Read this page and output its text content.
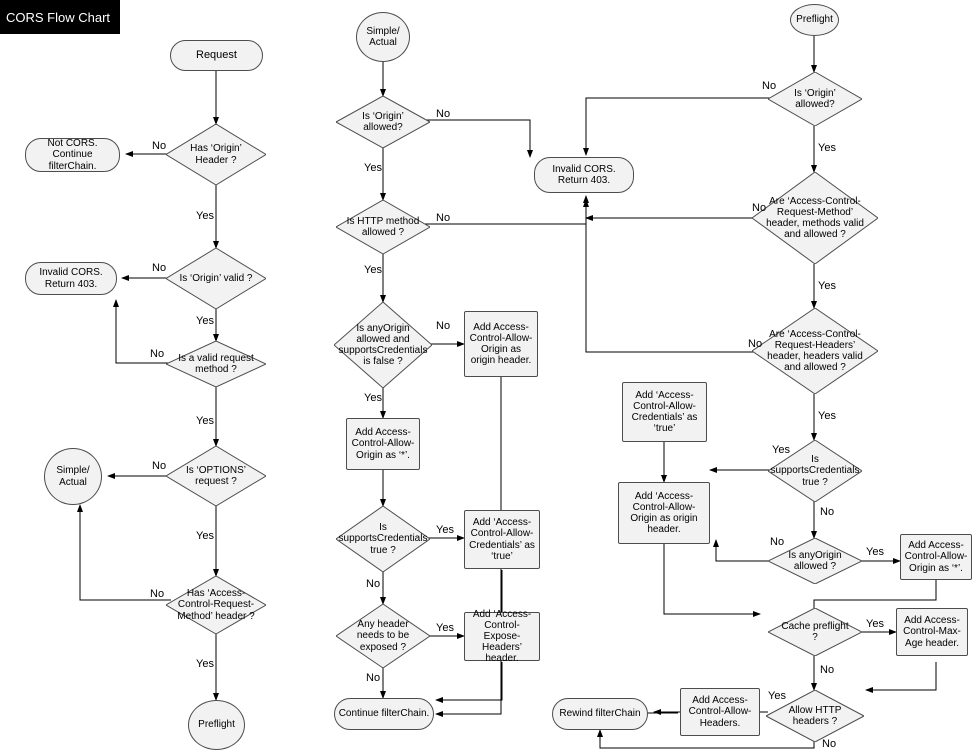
CORS Flow Chart
Request
Has ‘Origin’ Header ?
Not CORS. Continue filterChain.
Is ‘Origin’ valid ?
Invalid CORS. Return 403.
Is a valid request method ?
Is ‘OPTIONS’ request ?
Simple/ Actual
Has ‘Access-Control-Request-Method’ header ?
Preflight
Simple/ Actual
Is ‘Origin’ allowed?
Invalid CORS. Return 403.
Is HTTP method allowed ?
Is anyOrigin allowed and supportsCredentials is false ?
Add Access-Control-Allow-Origin as origin header.
Add Access-Control-Allow-Origin as ‘*’.
Is supportsCredentials true ?
Add ‘Access-Control-Allow-Credentials’ as ‘true’
Any header needs to be exposed ?
Add ‘Access-Control-Expose-Headers’ header.
Continue filterChain.
Preflight
Is ‘Origin’ allowed?
Are ‘Access-Control-Request-Method’ header, methods valid and allowed ?
Are ‘Access-Control-Request-Headers’ header, headers valid and allowed ?
Is supportsCredentials true ?
Add ‘Access-Control-Allow-Credentials’ as ‘true’
Add ‘Access-Control-Allow-Origin as origin header.
Is anyOrigin allowed ?
Add Access-Control-Allow-Origin as ‘*’.
Cache preflight ?
Add Access-Control-Max-Age header.
Allow HTTP headers ?
Add Access-Control-Allow-Headers.
Rewind filterChain
No
Yes
No
Yes
No
Yes
No
Yes
No
Yes
No
Yes
No
Yes
No
Yes
Yes
No
Yes
No
No
Yes
No
Yes
No
Yes
Yes
No
No
Yes
Yes
No
Yes
No
